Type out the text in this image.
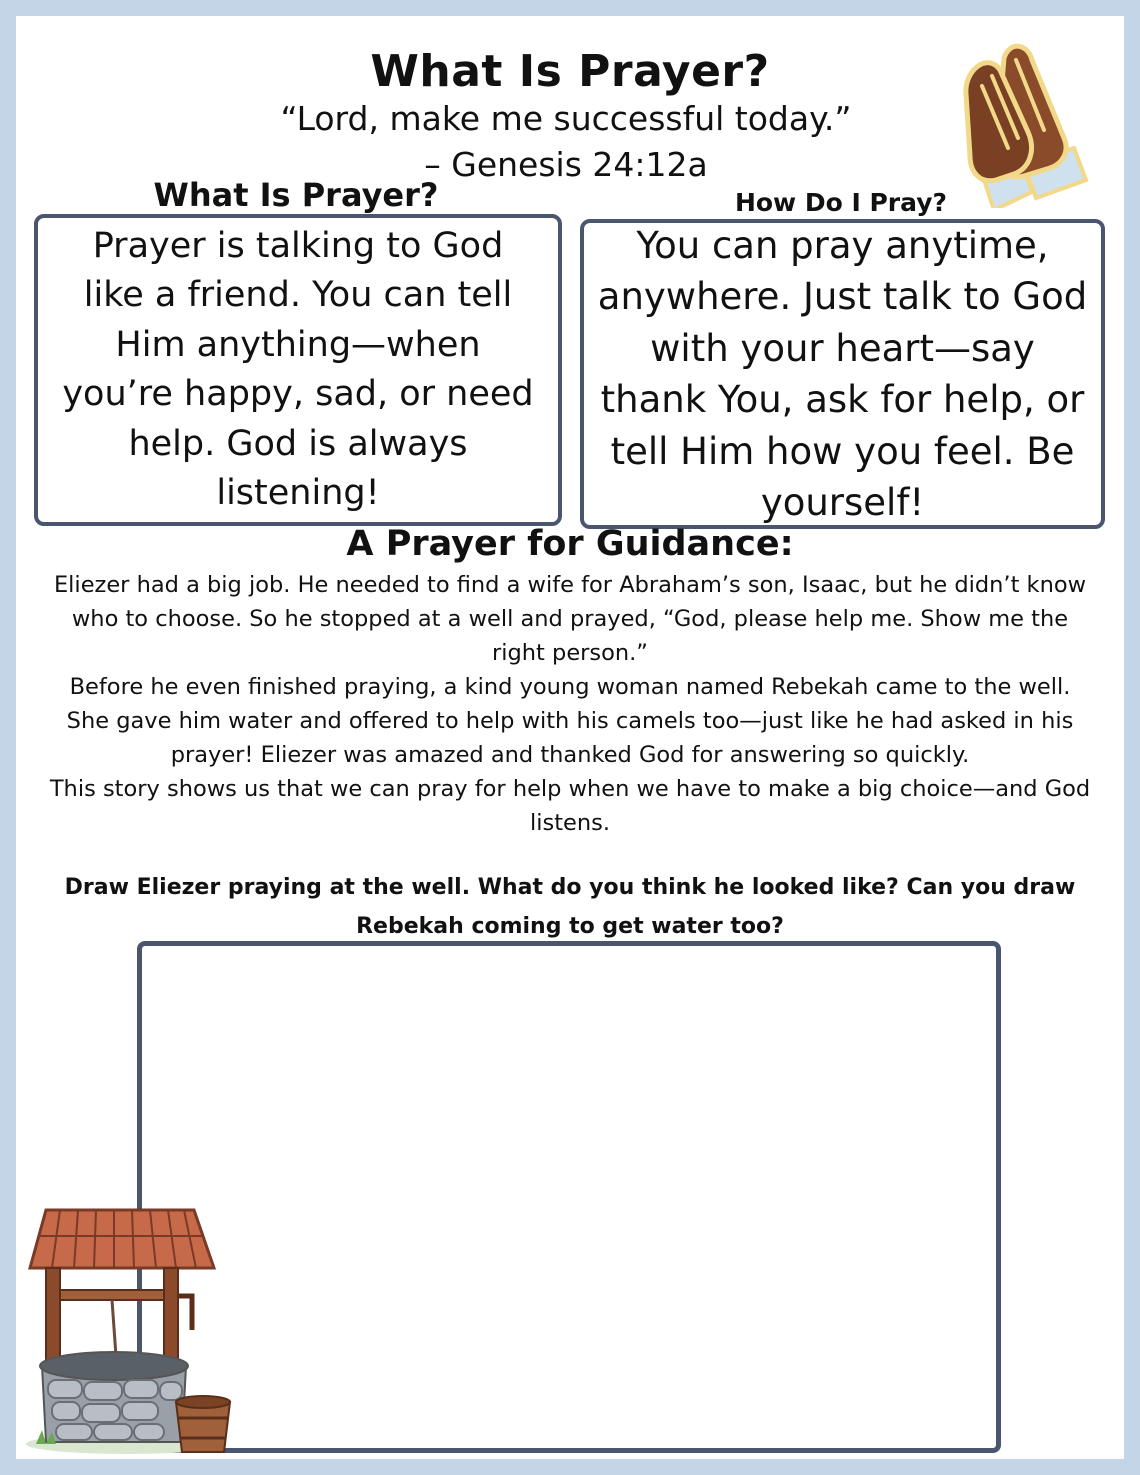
What Is Prayer?
“Lord, make me successful today.”
– Genesis 24:12a
What Is Prayer?	How Do I Pray?
Prayer is talking to God like a friend. You can tell Him anything—when you’re happy, sad, or need help. God is always listening!
You can pray anytime, anywhere. Just talk to God with your heart—say thank You, ask for help, or tell Him how you feel. Be yourself!
A Prayer for Guidance:

Eliezer had a big job. He needed to find a wife for Abraham’s son, Isaac, but he didn’t know who to choose. So he stopped at a well and prayed, “God, please help me. Show me the right person.”

Before he even finished praying, a kind young woman named Rebekah came to the well. She gave him water and offered to help with his camels too—just like he had asked in his prayer! Eliezer was amazed and thanked God for answering so quickly.

This story shows us that we can pray for help when we have to make a big choice—and God listens.

Draw Eliezer praying at the well. What do you think he looked like? Can you draw Rebekah coming to get water too?
